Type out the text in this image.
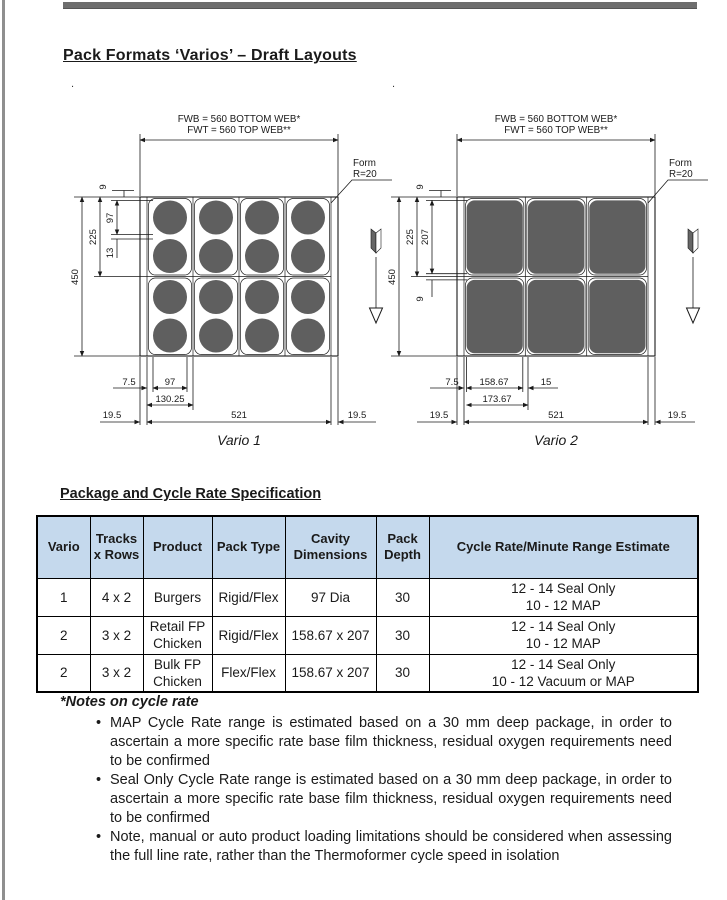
Pack Formats ‘Varios’ – Draft Layouts
.	.
FWB = 560 BOTTOM WEB*
FWT = 560 TOP WEB**
Form
R=20
450
225
97
13
9
7.5	97
130.25
19.5	521	19.5
Vario 1
FWB = 560 BOTTOM WEB*
FWT = 560 TOP WEB**
Form
R=20
450
225 207
9
9
7.5 158.67	15
173.67
19.5	521	19.5
Vario 2
Package and Cycle Rate Specification
Vario	Tracks x Rows	Product	Pack Type	Cavity Dimensions	Pack Depth	Cycle Rate/Minute Range Estimate
1	4 x 2	Burgers	Rigid/Flex	97 Dia	30	12 - 14 Seal Only
10 - 12 MAP

2	3 x 2	Retail FP Chicken	Rigid/Flex	158.67 x 207	30	12 - 14 Seal Only
10 - 12 MAP

2	3 x 2	Bulk FP Chicken	Flex/Flex	158.67 x 207	30	12 - 14 Seal Only
10 - 12 Vacuum or MAP
*Notes on cycle rate
• MAP Cycle Rate range is estimated based on a 30 mm deep package, in order to ascertain a more specific rate base film thickness, residual oxygen requirements need to be confirmed
• Seal Only Cycle Rate range is estimated based on a 30 mm deep package, in order to ascertain a more specific rate base film thickness, residual oxygen requirements need to be confirmed
• Note, manual or auto product loading limitations should be considered when assessing the full line rate, rather than the Thermoformer cycle speed in isolation
